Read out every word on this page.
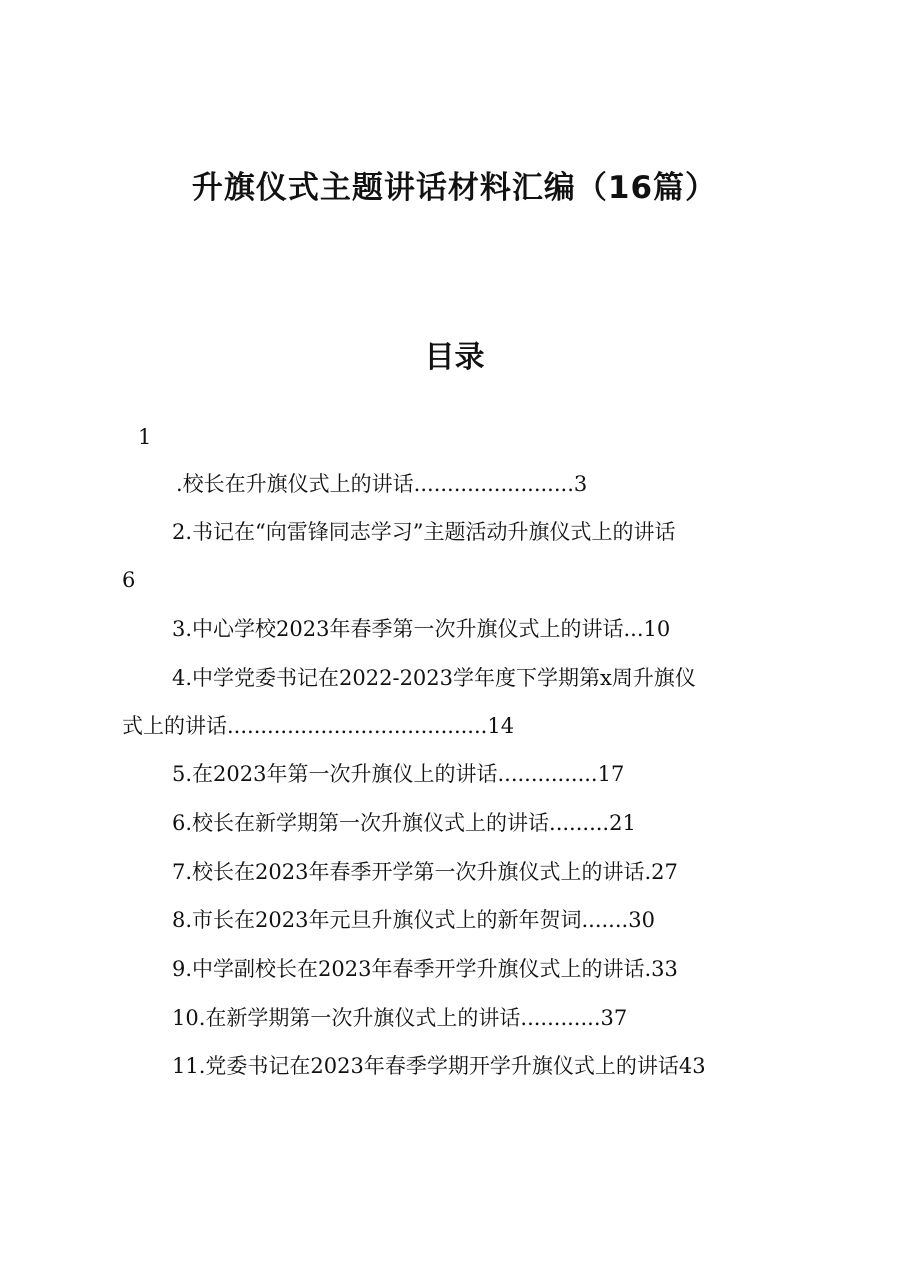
升旗仪式主题讲话材料汇编（16篇）
目录
1
.校长在升旗仪式上的讲话........................3
2.书记在“向雷锋同志学习”主题活动升旗仪式上的讲话
6
3.中心学校2023年春季第一次升旗仪式上的讲话...10
4.中学党委书记在2022-2023学年度下学期第x周升旗仪
式上的讲话.......................................14
5.在2023年第一次升旗仪上的讲话...............17
6.校长在新学期第一次升旗仪式上的讲话.........21
7.校长在2023年春季开学第一次升旗仪式上的讲话.27
8.市长在2023年元旦升旗仪式上的新年贺词.......30
9.中学副校长在2023年春季开学升旗仪式上的讲话.33
10.在新学期第一次升旗仪式上的讲话............37
11.党委书记在2023年春季学期开学升旗仪式上的讲话43
